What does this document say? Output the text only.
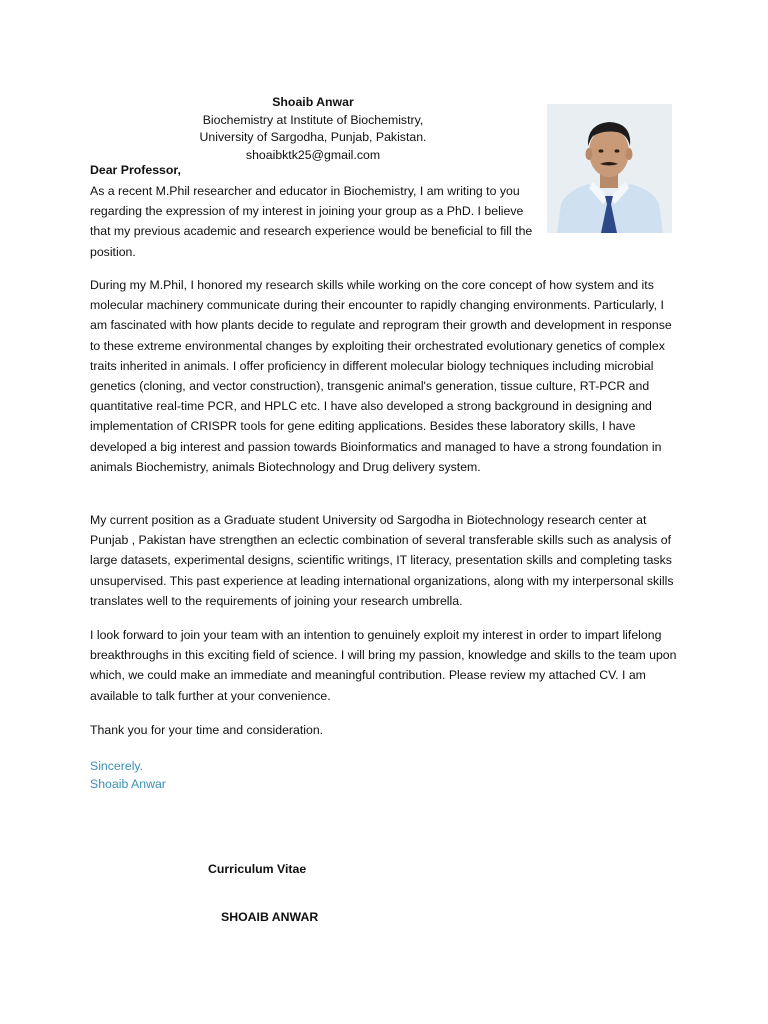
Shoaib Anwar
Biochemistry at Institute of Biochemistry,
University of Sargodha, Punjab, Pakistan.
shoaibktk25@gmail.com
Dear Professor,

As a recent M.Phil researcher and educator in Biochemistry, I am writing to you regarding the expression of my interest in joining your group as a PhD. I believe that my previous academic and research experience would be beneficial to fill the position.

During my M.Phil, I honored my research skills while working on the core concept of how system and its molecular machinery communicate during their encounter to rapidly changing environments. Particularly, I am fascinated with how plants decide to regulate and reprogram their growth and development in response to these extreme environmental changes by exploiting their orchestrated evolutionary genetics of complex traits inherited in animals. I offer proficiency in different molecular biology techniques including microbial genetics (cloning, and vector construction), transgenic animal's generation, tissue culture, RT-PCR and quantitative real-time PCR, and HPLC etc. I have also developed a strong background in designing and implementation of CRISPR tools for gene editing applications. Besides these laboratory skills, I have developed a big interest and passion towards Bioinformatics and managed to have a strong foundation in animals Biochemistry, animals Biotechnology and Drug delivery system.

My current position as a Graduate student University od Sargodha in Biotechnology research center at Punjab , Pakistan have strengthen an eclectic combination of several transferable skills such as analysis of large datasets, experimental designs, scientific writings, IT literacy, presentation skills and completing tasks unsupervised. This past experience at leading international organizations, along with my interpersonal skills translates well to the requirements of joining your research umbrella.

I look forward to join your team with an intention to genuinely exploit my interest in order to impart lifelong breakthroughs in this exciting field of science. I will bring my passion, knowledge and skills to the team upon which, we could make an immediate and meaningful contribution. Please review my attached CV. I am available to talk further at your convenience.

Thank you for your time and consideration.

Sincerely.
Shoaib Anwar
Curriculum Vitae
SHOAIB ANWAR
